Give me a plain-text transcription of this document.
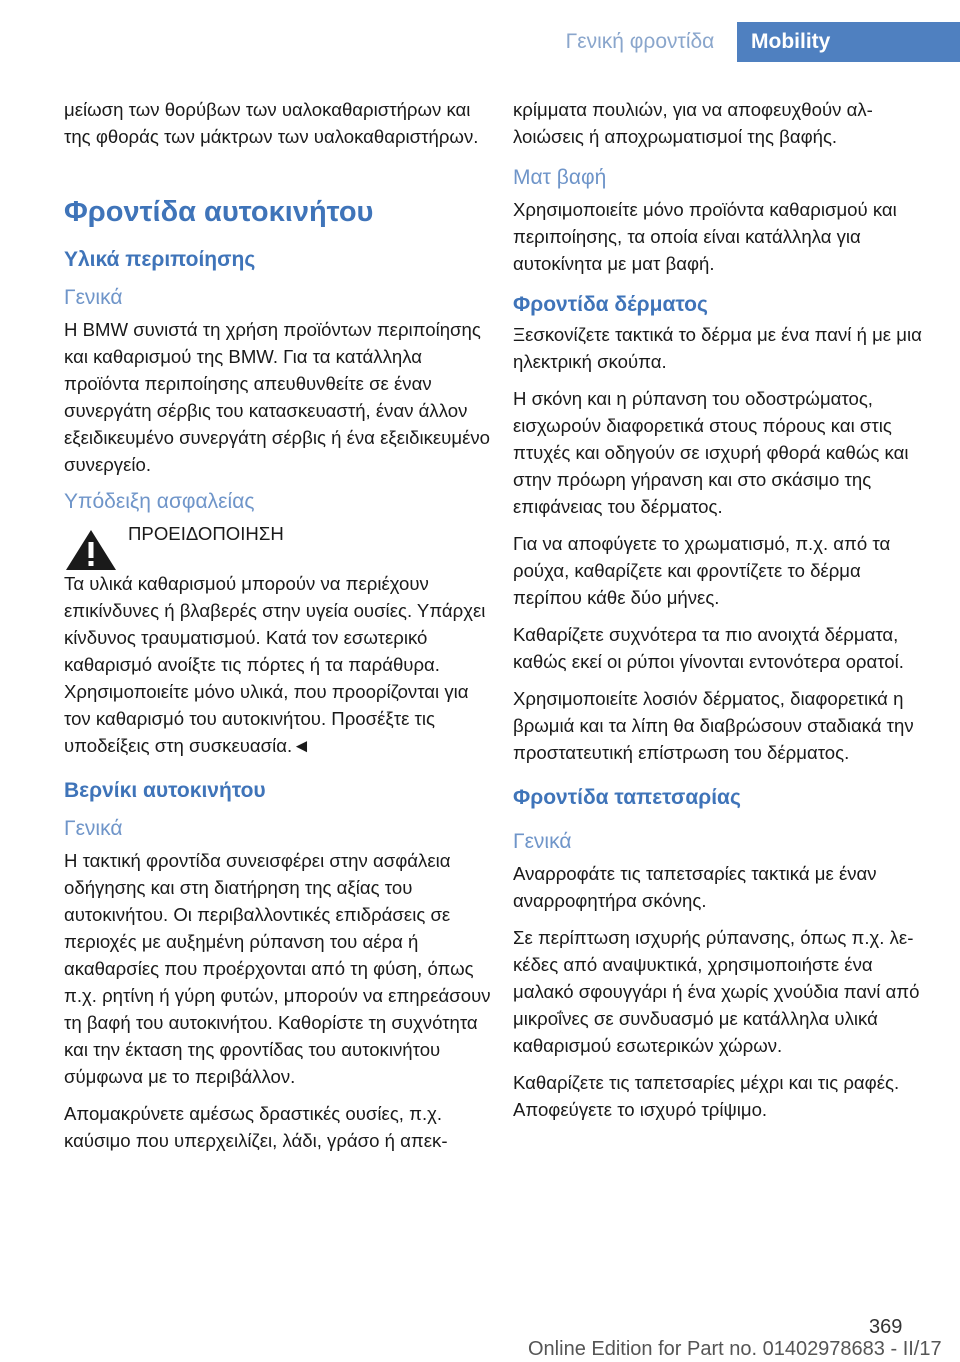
Γενική φροντίδα	Mobility

μείωση των θορύβων των υαλοκαθαριστήρων και της φθοράς των μάκτρων των υαλοκαθαριστήρων.

Φροντίδα αυτοκινήτου
Υλικά περιποίησης
Γενικά

Η BMW συνιστά τη χρήση προϊόντων περιποίησης και καθαρισμού της BMW. Για τα κατάλληλα προϊόντα περιποίησης απευθυνθείτε σε έναν συνεργάτη σέρβις του κατασκευαστή, έναν άλλον εξειδικευμένο συνεργάτη σέρβις ή ένα εξειδικευμένο συνεργείο.

Υπόδειξη ασφαλείας
ΠΡΟΕΙΔΟΠΟΙΗΣΗ

Τα υλικά καθαρισμού μπορούν να περιέχουν επικίνδυνες ή βλαβερές στην υγεία ουσίες. Υπάρχει κίνδυνος τραυματισμού. Κατά τον εσωτερικό καθαρισμό ανοίξτε τις πόρτες ή τα παράθυρα. Χρησιμοποιείτε μόνο υλικά, που προορίζονται για τον καθαρισμό του αυτοκινήτου. Προσέξτε τις υποδείξεις στη συσκευασία.◄

Βερνίκι αυτοκινήτου
Γενικά

Η τακτική φροντίδα συνεισφέρει στην ασφάλεια οδήγησης και στη διατήρηση της αξίας του αυτοκινήτου. Οι περιβαλλοντικές επιδράσεις σε περιοχές με αυξημένη ρύπανση του αέρα ή ακαθαρσίες που προέρχονται από τη φύση, όπως π.χ. ρητίνη ή γύρη φυτών, μπορούν να επηρεάσουν τη βαφή του αυτοκινήτου. Καθορίστε τη συχνότητα και την έκταση της φροντίδας του αυτοκινήτου σύμφωνα με το περιβάλλον.

Απομακρύνετε αμέσως δραστικές ουσίες, π.χ. καύσιμο που υπερχειλίζει, λάδι, γράσο ή απεκ-

κρίμματα πουλιών, για να αποφευχθούν αλλοιώσεις ή αποχρωματισμοί της βαφής.

Ματ βαφή

Χρησιμοποιείτε μόνο προϊόντα καθαρισμού και περιποίησης, τα οποία είναι κατάλληλα για αυτοκίνητα με ματ βαφή.

Φροντίδα δέρματος

Ξεσκονίζετε τακτικά το δέρμα με ένα πανί ή με μια ηλεκτρική σκούπα.

Η σκόνη και η ρύπανση του οδοστρώματος, εισχωρούν διαφορετικά στους πόρους και στις πτυχές και οδηγούν σε ισχυρή φθορά καθώς και στην πρόωρη γήρανση και στο σκάσιμο της επιφάνειας του δέρματος.

Για να αποφύγετε το χρωματισμό, π.χ. από τα ρούχα, καθαρίζετε και φροντίζετε το δέρμα περίπου κάθε δύο μήνες.

Καθαρίζετε συχνότερα τα πιο ανοιχτά δέρματα, καθώς εκεί οι ρύποι γίνονται εντονότερα ορατοί.

Χρησιμοποιείτε λοσιόν δέρματος, διαφορετικά η βρωμιά και τα λίπη θα διαβρώσουν σταδιακά την προστατευτική επίστρωση του δέρματος.

Φροντίδα ταπετσαρίας
Γενικά

Αναρροφάτε τις ταπετσαρίες τακτικά με έναν αναρροφητήρα σκόνης.

Σε περίπτωση ισχυρής ρύπανσης, όπως π.χ. λεκέδες από αναψυκτικά, χρησιμοποιήστε ένα μαλακό σφουγγάρι ή ένα χωρίς χνούδια πανί από μικροΐνες σε συνδυασμό με κατάλληλα υλικά καθαρισμού εσωτερικών χώρων.

Καθαρίζετε τις ταπετσαρίες μέχρι και τις ραφές. Αποφεύγετε το ισχυρό τρίψιμο.

369
Online Edition for Part no. 01402978683 - II/17
